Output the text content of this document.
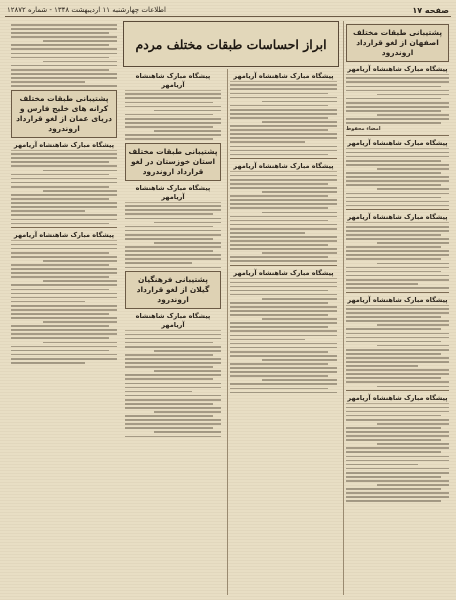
صفحه ۱۷
اطلاعات چهارشنبه ۱۱ اردیبهشت ۱۳۴۸ - شماره ۱۲۸۷۲
پشتیبانی طبقات مختلف اصفهان از لغو قرارداد اروندرود
پیشگاه مبارک شاهنشاه آریامهر
امضاء محفوظ
پیشگاه مبارک شاهنشاه آریامهر
پیشگاه مبارک شاهنشاه آریامهر
پیشگاه مبارک شاهنشاه آریامهر
پیشگاه مبارک شاهنشاه آریامهر
ابراز احساسات طبقات مختلف مردم
پیشگاه مبارک شاهنشاه آریامهر
پیشگاه مبارک شاهنشاه آریامهر
پیشگاه مبارک شاهنشاه آریامهر
پیشگاه مبارک شاهنشاه آریامهر
پشتیبانی طبقات مختلف استان خوزستان در لغو قرارداد اروندرود
پیشگاه مبارک شاهنشاه آریامهر
پشتیبانی فرهنگیان گیلان از لغو قرارداد اروندرود
پیشگاه مبارک شاهنشاه آریامهر
پشتیبانی طبقات مختلف کرانه های خلیج فارس و دریای عمان از لغو قرارداد اروندرود
پیشگاه مبارک شاهنشاه آریامهر
پیشگاه مبارک شاهنشاه آریامهر
